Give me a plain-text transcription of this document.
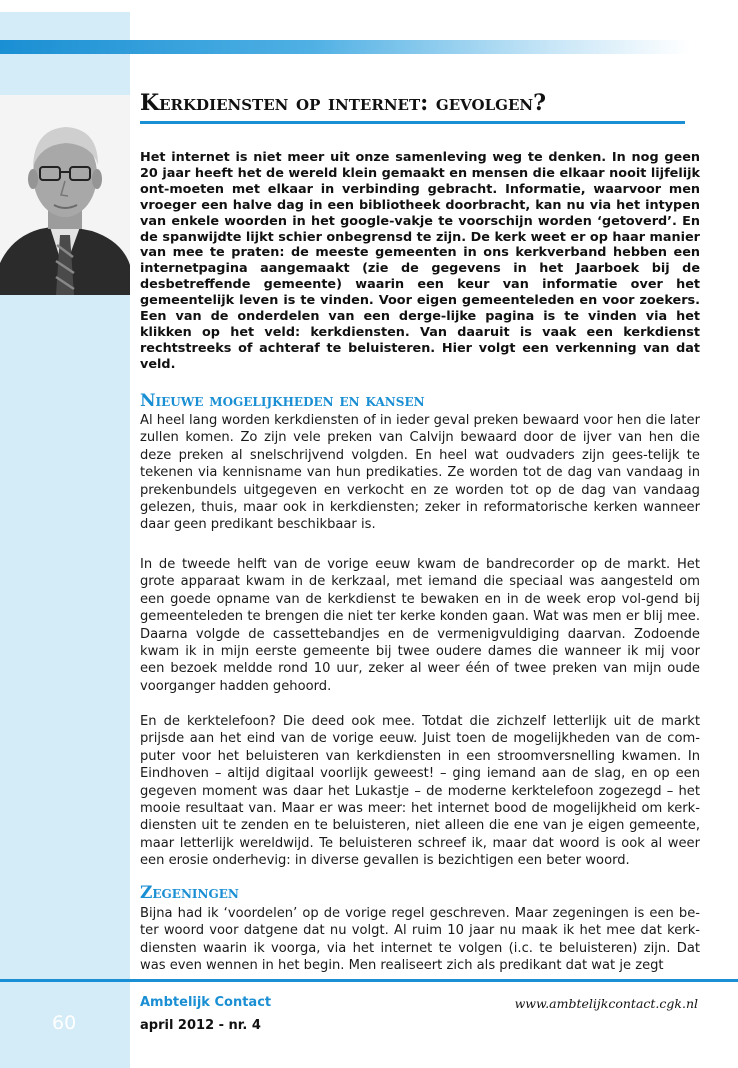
Kerkdiensten op internet: gevolgen?

Het internet is niet meer uit onze samenleving weg te denken. In nog geen 20 jaar heeft het de wereld klein gemaakt en mensen die elkaar nooit lijfelijk ont-moeten met elkaar in verbinding gebracht. Informatie, waarvoor men vroeger een halve dag in een bibliotheek doorbracht, kan nu via het intypen van enkele woorden in het google-vakje te voorschijn worden ‘getoverd’. En de spanwijdte lijkt schier onbegrensd te zijn. De kerk weet er op haar manier van mee te praten: de meeste gemeenten in ons kerkverband hebben een internetpagina aangemaakt (zie de gegevens in het Jaarboek bij de desbetreffende gemeente) waarin een keur van informatie over het gemeentelijk leven is te vinden. Voor eigen gemeenteleden en voor zoekers. Een van de onderdelen van een derge-lijke pagina is te vinden via het klikken op het veld: kerkdiensten. Van daaruit is vaak een kerkdienst rechtstreeks of achteraf te beluisteren. Hier volgt een verkenning van dat veld.

Nieuwe mogelijkheden en kansen

Al heel lang worden kerkdiensten of in ieder geval preken bewaard voor hen die later zullen komen. Zo zijn vele preken van Calvijn bewaard door de ijver van hen die deze preken al snelschrijvend volgden. En heel wat oudvaders zijn gees-telijk te tekenen via kennisname van hun predikaties. Ze worden tot de dag van vandaag in prekenbundels uitgegeven en verkocht en ze worden tot op de dag van vandaag gelezen, thuis, maar ook in kerkdiensten; zeker in reformatorische kerken wanneer daar geen predikant beschikbaar is.

In de tweede helft van de vorige eeuw kwam de bandrecorder op de markt. Het grote apparaat kwam in de kerkzaal, met iemand die speciaal was aangesteld om een goede opname van de kerkdienst te bewaken en in de week erop vol-gend bij gemeenteleden te brengen die niet ter kerke konden gaan. Wat was men er blij mee. Daarna volgde de cassettebandjes en de vermenigvuldiging daarvan. Zodoende kwam ik in mijn eerste gemeente bij twee oudere dames die wanneer ik mij voor een bezoek meldde rond 10 uur, zeker al weer één of twee preken van mijn oude voorganger hadden gehoord.

En de kerktelefoon? Die deed ook mee. Totdat die zichzelf letterlijk uit de markt prijsde aan het eind van de vorige eeuw. Juist toen de mogelijkheden van de com-puter voor het beluisteren van kerkdiensten in een stroomversnelling kwamen. In Eindhoven – altijd digitaal voorlijk geweest! – ging iemand aan de slag, en op een gegeven moment was daar het Lukastje – de moderne kerktelefoon zogezegd – het mooie resultaat van. Maar er was meer: het internet bood de mogelijkheid om kerk-diensten uit te zenden en te beluisteren, niet alleen die ene van je eigen gemeente, maar letterlijk wereldwijd. Te beluisteren schreef ik, maar dat woord is ook al weer een erosie onderhevig: in diverse gevallen is bezichtigen een beter woord.

Zegeningen

Bijna had ik ‘voordelen’ op de vorige regel geschreven. Maar zegeningen is een be-ter woord voor datgene dat nu volgt. Al ruim 10 jaar nu maak ik het mee dat kerk-diensten waarin ik voorga, via het internet te volgen (i.c. te beluisteren) zijn. Dat was even wennen in het begin. Men realiseert zich als predikant dat wat je zegt

60
Ambtelijk Contact
april 2012 - nr. 4
www.ambtelijkcontact.cgk.nl
